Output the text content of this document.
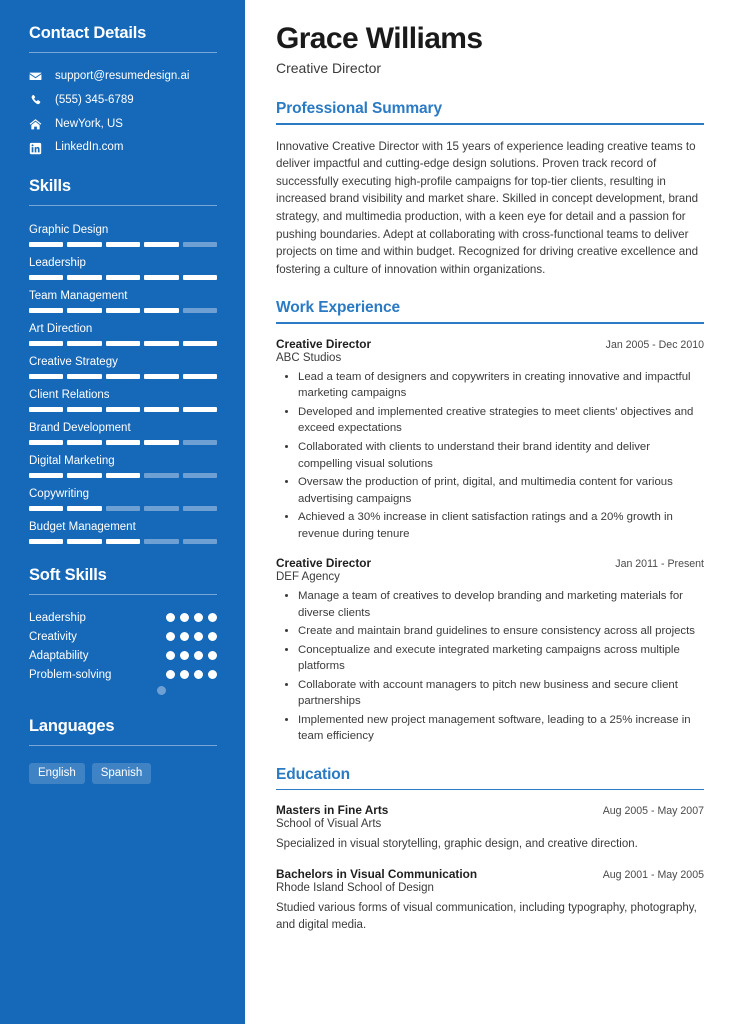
Contact Details
support@resumedesign.ai
(555) 345-6789
NewYork, US
LinkedIn.com
Skills
Graphic Design
Leadership
Team Management
Art Direction
Creative Strategy
Client Relations
Brand Development
Digital Marketing
Copywriting
Budget Management
Soft Skills
Leadership
Creativity
Adaptability
Problem-solving
Languages
English	Spanish
Grace Williams
Creative Director
Professional Summary

Innovative Creative Director with 15 years of experience leading creative teams to deliver impactful and cutting-edge design solutions. Proven track record of successfully executing high-profile campaigns for top-tier clients, resulting in increased brand visibility and market share. Skilled in concept development, brand strategy, and multimedia production, with a keen eye for detail and a passion for pushing boundaries. Adept at collaborating with cross-functional teams to deliver projects on time and within budget. Recognized for driving creative excellence and fostering a culture of innovation within organizations.

Work Experience
Creative Director	Jan 2005 - Dec 2010
ABC Studios
Lead a team of designers and copywriters in creating innovative and impactful marketing campaigns
Developed and implemented creative strategies to meet clients' objectives and exceed expectations
Collaborated with clients to understand their brand identity and deliver compelling visual solutions
Oversaw the production of print, digital, and multimedia content for various advertising campaigns
Achieved a 30% increase in client satisfaction ratings and a 20% growth in revenue during tenure
Creative Director	Jan 2011 - Present
DEF Agency
Manage a team of creatives to develop branding and marketing materials for diverse clients
Create and maintain brand guidelines to ensure consistency across all projects
Conceptualize and execute integrated marketing campaigns across multiple platforms
Collaborate with account managers to pitch new business and secure client partnerships
Implemented new project management software, leading to a 25% increase in team efficiency
Education
Masters in Fine Arts	Aug 2005 - May 2007
School of Visual Arts
Specialized in visual storytelling, graphic design, and creative direction.
Bachelors in Visual Communication	Aug 2001 - May 2005
Rhode Island School of Design
Studied various forms of visual communication, including typography, photography, and digital media.
